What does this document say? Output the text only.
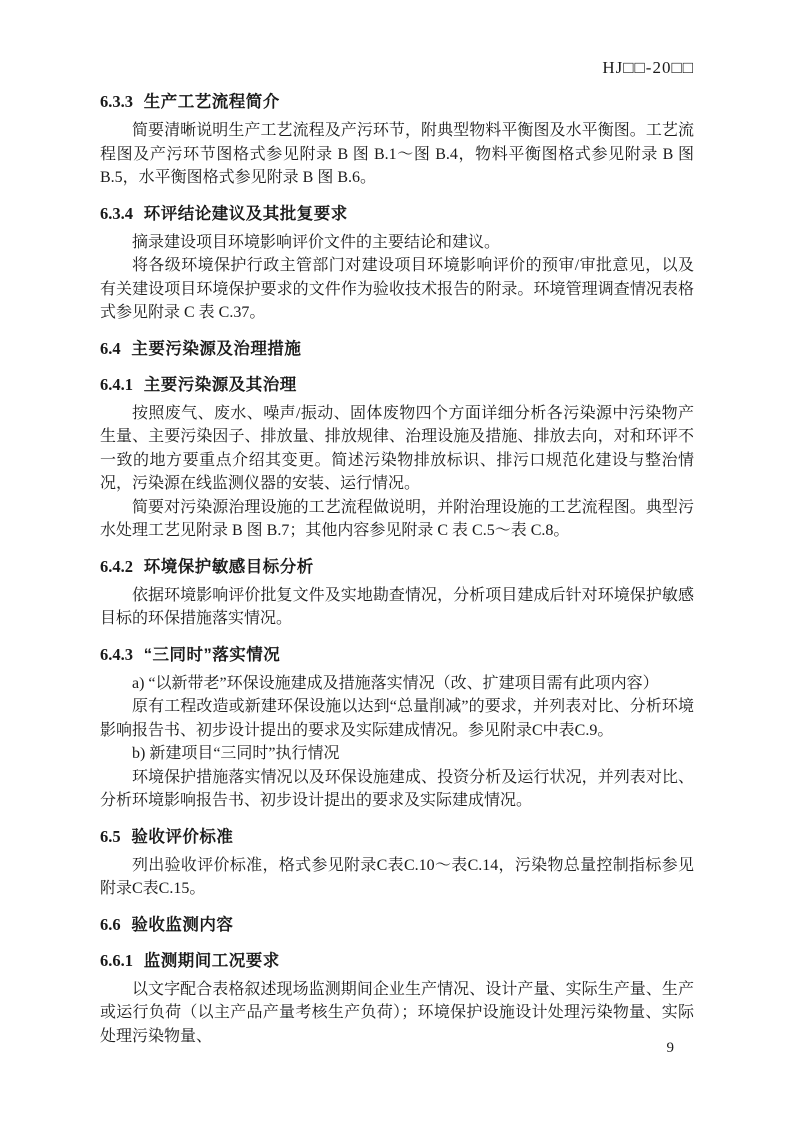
HJ□□-20□□
6.3.3 生产工艺流程简介

简要清晰说明生产工艺流程及产污环节，附典型物料平衡图及水平衡图。工艺流程图及产污环节图格式参见附录 B 图 B.1～图 B.4，物料平衡图格式参见附录 B 图 B.5，水平衡图格式参见附录 B 图 B.6。

6.3.4 环评结论建议及其批复要求

摘录建设项目环境影响评价文件的主要结论和建议。

将各级环境保护行政主管部门对建设项目环境影响评价的预审/审批意见，以及有关建设项目环境保护要求的文件作为验收技术报告的附录。环境管理调查情况表格式参见附录 C 表 C.37。

6.4 主要污染源及治理措施
6.4.1 主要污染源及其治理

按照废气、废水、噪声/振动、固体废物四个方面详细分析各污染源中污染物产生量、主要污染因子、排放量、排放规律、治理设施及措施、排放去向，对和环评不一致的地方要重点介绍其变更。简述污染物排放标识、排污口规范化建设与整治情况，污染源在线监测仪器的安装、运行情况。

简要对污染源治理设施的工艺流程做说明，并附治理设施的工艺流程图。典型污水处理工艺见附录 B 图 B.7；其他内容参见附录 C 表 C.5～表 C.8。

6.4.2 环境保护敏感目标分析

依据环境影响评价批复文件及实地勘查情况，分析项目建成后针对环境保护敏感目标的环保措施落实情况。

6.4.3 “三同时”落实情况

a) “以新带老”环保设施建成及措施落实情况（改、扩建项目需有此项内容）

原有工程改造或新建环保设施以达到“总量削减”的要求，并列表对比、分析环境影响报告书、初步设计提出的要求及实际建成情况。参见附录C中表C.9。

b) 新建项目“三同时”执行情况

环境保护措施落实情况以及环保设施建成、投资分析及运行状况，并列表对比、分析环境影响报告书、初步设计提出的要求及实际建成情况。

6.5 验收评价标准

列出验收评价标准，格式参见附录C表C.10～表C.14，污染物总量控制指标参见附录C表C.15。

6.6 验收监测内容
6.6.1 监测期间工况要求

以文字配合表格叙述现场监测期间企业生产情况、设计产量、实际生产量、生产或运行负荷（以主产品产量考核生产负荷）；环境保护设施设计处理污染物量、实际处理污染物量、

9
